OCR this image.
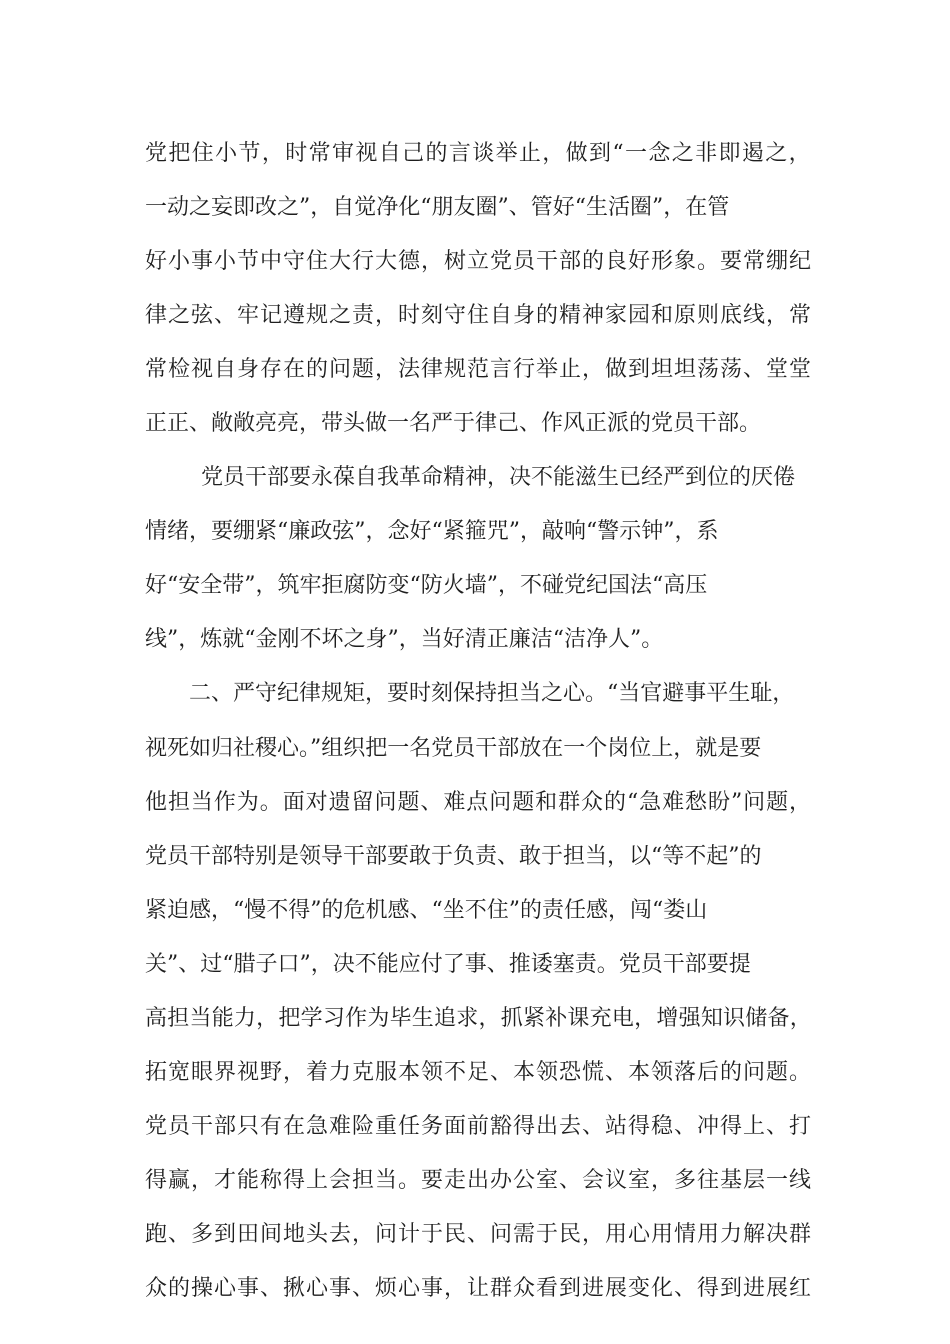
党把住小节，时常审视自己的言谈举止，做到“一念之非即遏之，
一动之妄即改之”，自觉净化“朋友圈”、管好“生活圈”，在管
好小事小节中守住大行大德，树立党员干部的良好形象。要常绷纪
律之弦、牢记遵规之责，时刻守住自身的精神家园和原则底线，常
常检视自身存在的问题，法律规范言行举止，做到坦坦荡荡、堂堂
正正、敞敞亮亮，带头做一名严于律己、作风正派的党员干部。
党员干部要永葆自我革命精神，决不能滋生已经严到位的厌倦
情绪，要绷紧“廉政弦”，念好“紧箍咒”，敲响“警示钟”，系
好“安全带”，筑牢拒腐防变“防火墙”，不碰党纪国法“高压
线”，炼就“金刚不坏之身”，当好清正廉洁“洁净人”。
二、严守纪律规矩，要时刻保持担当之心。“当官避事平生耻，
视死如归社稷心。”组织把一名党员干部放在一个岗位上，就是要
他担当作为。面对遗留问题、难点问题和群众的“急难愁盼”问题，
党员干部特别是领导干部要敢于负责、敢于担当，以“等不起”的
紧迫感，“慢不得”的危机感、“坐不住”的责任感，闯“娄山
关”、过“腊子口”，决不能应付了事、推诿塞责。党员干部要提
高担当能力，把学习作为毕生追求，抓紧补课充电，增强知识储备，
拓宽眼界视野，着力克服本领不足、本领恐慌、本领落后的问题。
党员干部只有在急难险重任务面前豁得出去、站得稳、冲得上、打
得赢，才能称得上会担当。要走出办公室、会议室，多往基层一线
跑、多到田间地头去，问计于民、问需于民，用心用情用力解决群
众的操心事、揪心事、烦心事，让群众看到进展变化、得到进展红
